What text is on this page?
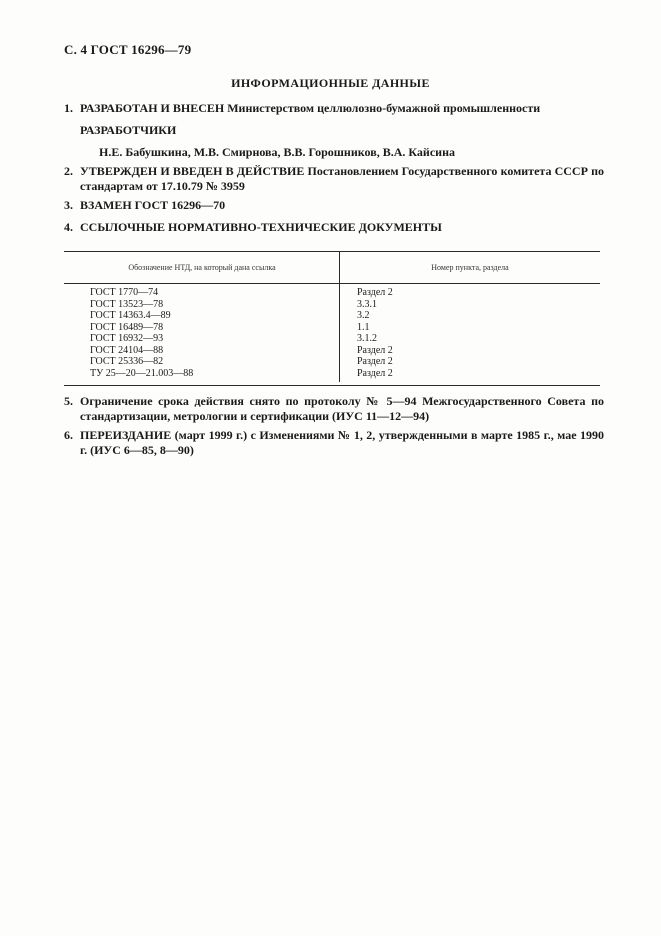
С. 4 ГОСТ 16296—79
ИНФОРМАЦИОННЫЕ ДАННЫЕ
1. РАЗРАБОТАН И ВНЕСЕН Министерством целлюлозно-бумажной промышленности
РАЗРАБОТЧИКИ
Н.Е. Бабушкина, М.В. Смирнова, В.В. Горошников, В.А. Кайсина
2. УТВЕРЖДЕН И ВВЕДЕН В ДЕЙСТВИЕ Постановлением Государственного комитета СССР по стандартам от 17.10.79 № 3959
3. ВЗАМЕН ГОСТ 16296—70
4. ССЫЛОЧНЫЕ НОРМАТИВНО-ТЕХНИЧЕСКИЕ ДОКУМЕНТЫ
Обозначение НТД, на который дана ссылка	Номер пункта, раздела
ГОСТ 1770—74	Раздел 2
ГОСТ 13523—78	3.3.1
ГОСТ 14363.4—89	3.2
ГОСТ 16489—78	1.1
ГОСТ 16932—93	3.1.2
ГОСТ 24104—88	Раздел 2
ГОСТ 25336—82	Раздел 2
ТУ 25—20—21.003—88	Раздел 2
5. Ограничение срока действия снято по протоколу № 5—94 Межгосударственного Совета по стандартизации, метрологии и сертификации (ИУС 11—12—94)
6. ПЕРЕИЗДАНИЕ (март 1999 г.) с Изменениями № 1, 2, утвержденными в марте 1985 г., мае 1990 г. (ИУС 6—85, 8—90)
